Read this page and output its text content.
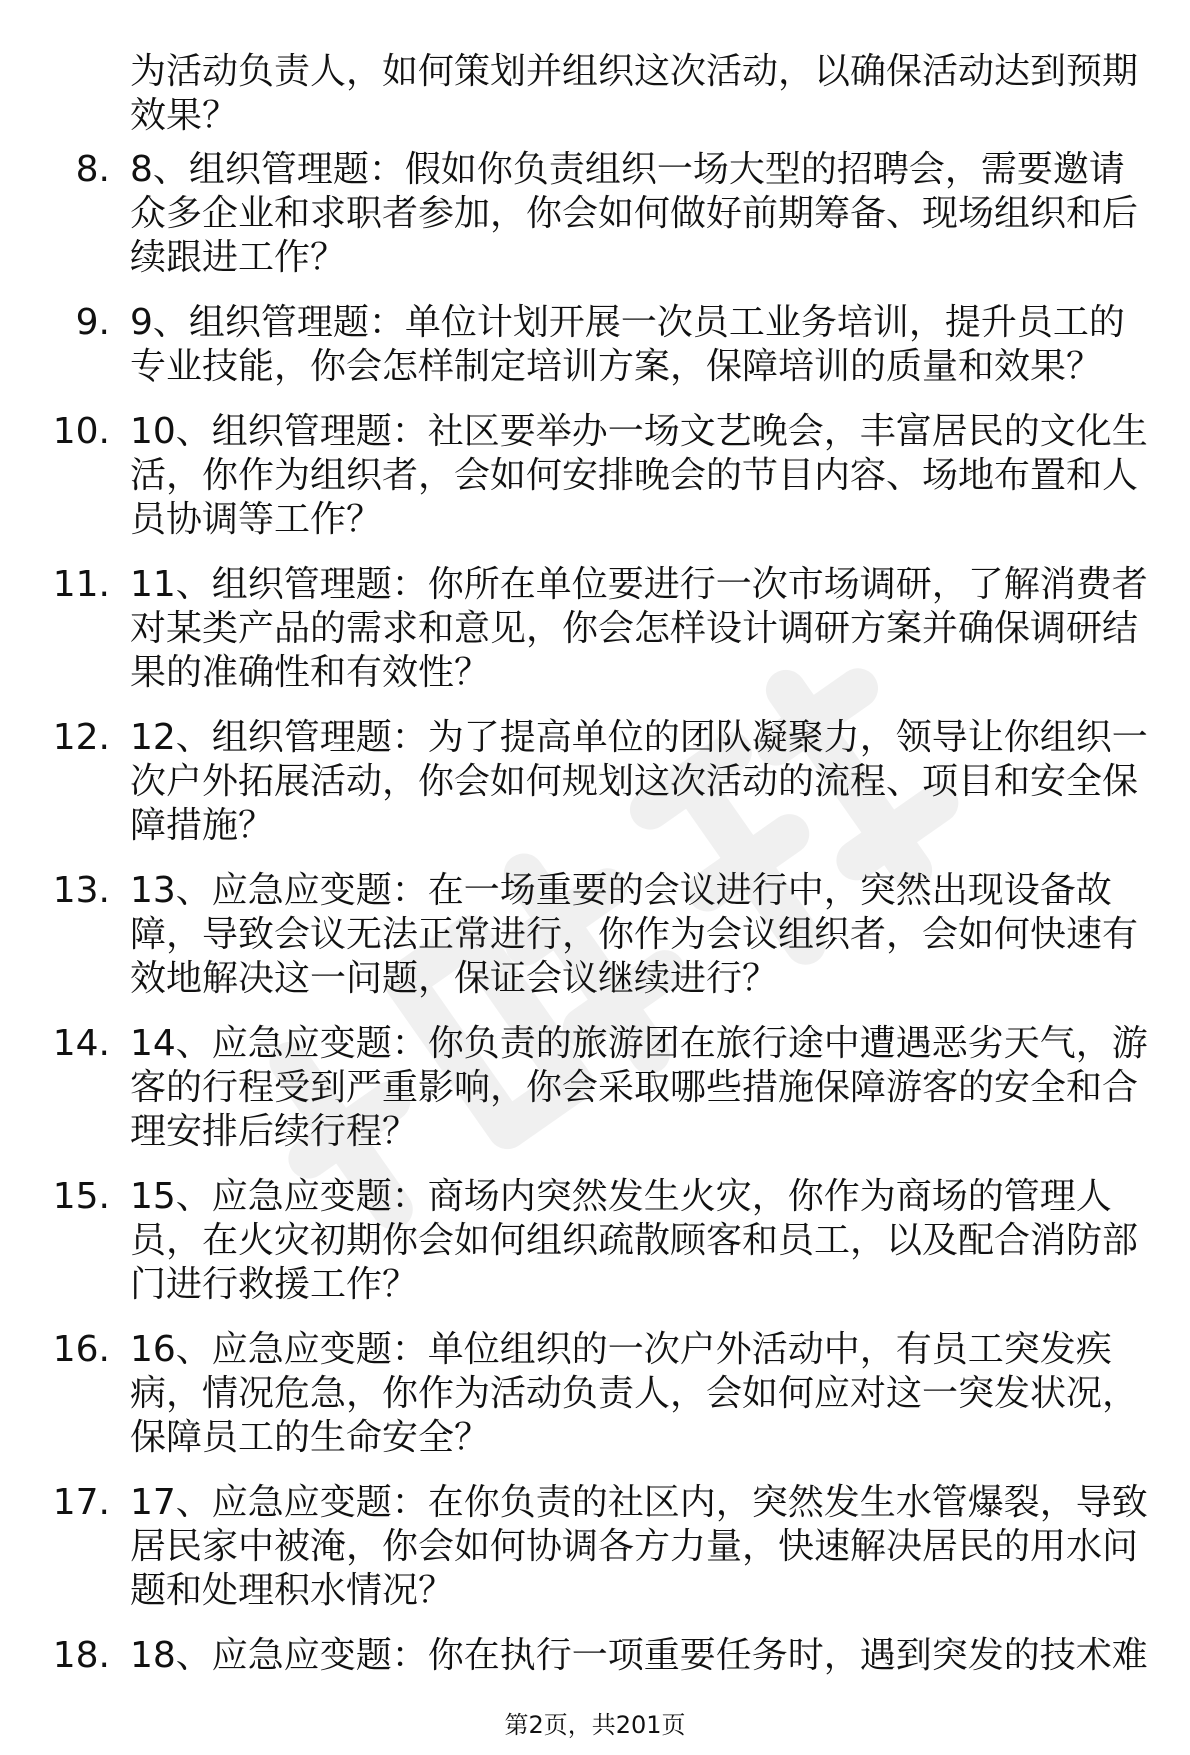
为活动负责人，如何策划并组织这次活动，以确保活动达到预期效果？
8. 8、组织管理题：假如你负责组织一场大型的招聘会，需要邀请众多企业和求职者参加，你会如何做好前期筹备、现场组织和后续跟进工作？
9. 9、组织管理题：单位计划开展一次员工业务培训，提升员工的专业技能，你会怎样制定培训方案，保障培训的质量和效果？
10. 10、组织管理题：社区要举办一场文艺晚会，丰富居民的文化生活，你作为组织者，会如何安排晚会的节目内容、场地布置和人员协调等工作？
11. 11、组织管理题：你所在单位要进行一次市场调研，了解消费者对某类产品的需求和意见，你会怎样设计调研方案并确保调研结果的准确性和有效性？
12. 12、组织管理题：为了提高单位的团队凝聚力，领导让你组织一次户外拓展活动，你会如何规划这次活动的流程、项目和安全保障措施？
13. 13、应急应变题：在一场重要的会议进行中，突然出现设备故障，导致会议无法正常进行，你作为会议组织者，会如何快速有效地解决这一问题，保证会议继续进行？
14. 14、应急应变题：你负责的旅游团在旅行途中遭遇恶劣天气，游客的行程受到严重影响，你会采取哪些措施保障游客的安全和合理安排后续行程？
15. 15、应急应变题：商场内突然发生火灾，你作为商场的管理人员，在火灾初期你会如何组织疏散顾客和员工，以及配合消防部门进行救援工作？
16. 16、应急应变题：单位组织的一次户外活动中，有员工突发疾病，情况危急，你作为活动负责人，会如何应对这一突发状况，保障员工的生命安全？
17. 17、应急应变题：在你负责的社区内，突然发生水管爆裂，导致居民家中被淹，你会如何协调各方力量，快速解决居民的用水问题和处理积水情况？
18. 18、应急应变题：你在执行一项重要任务时，遇到突发的技术难
第2页，共201页
